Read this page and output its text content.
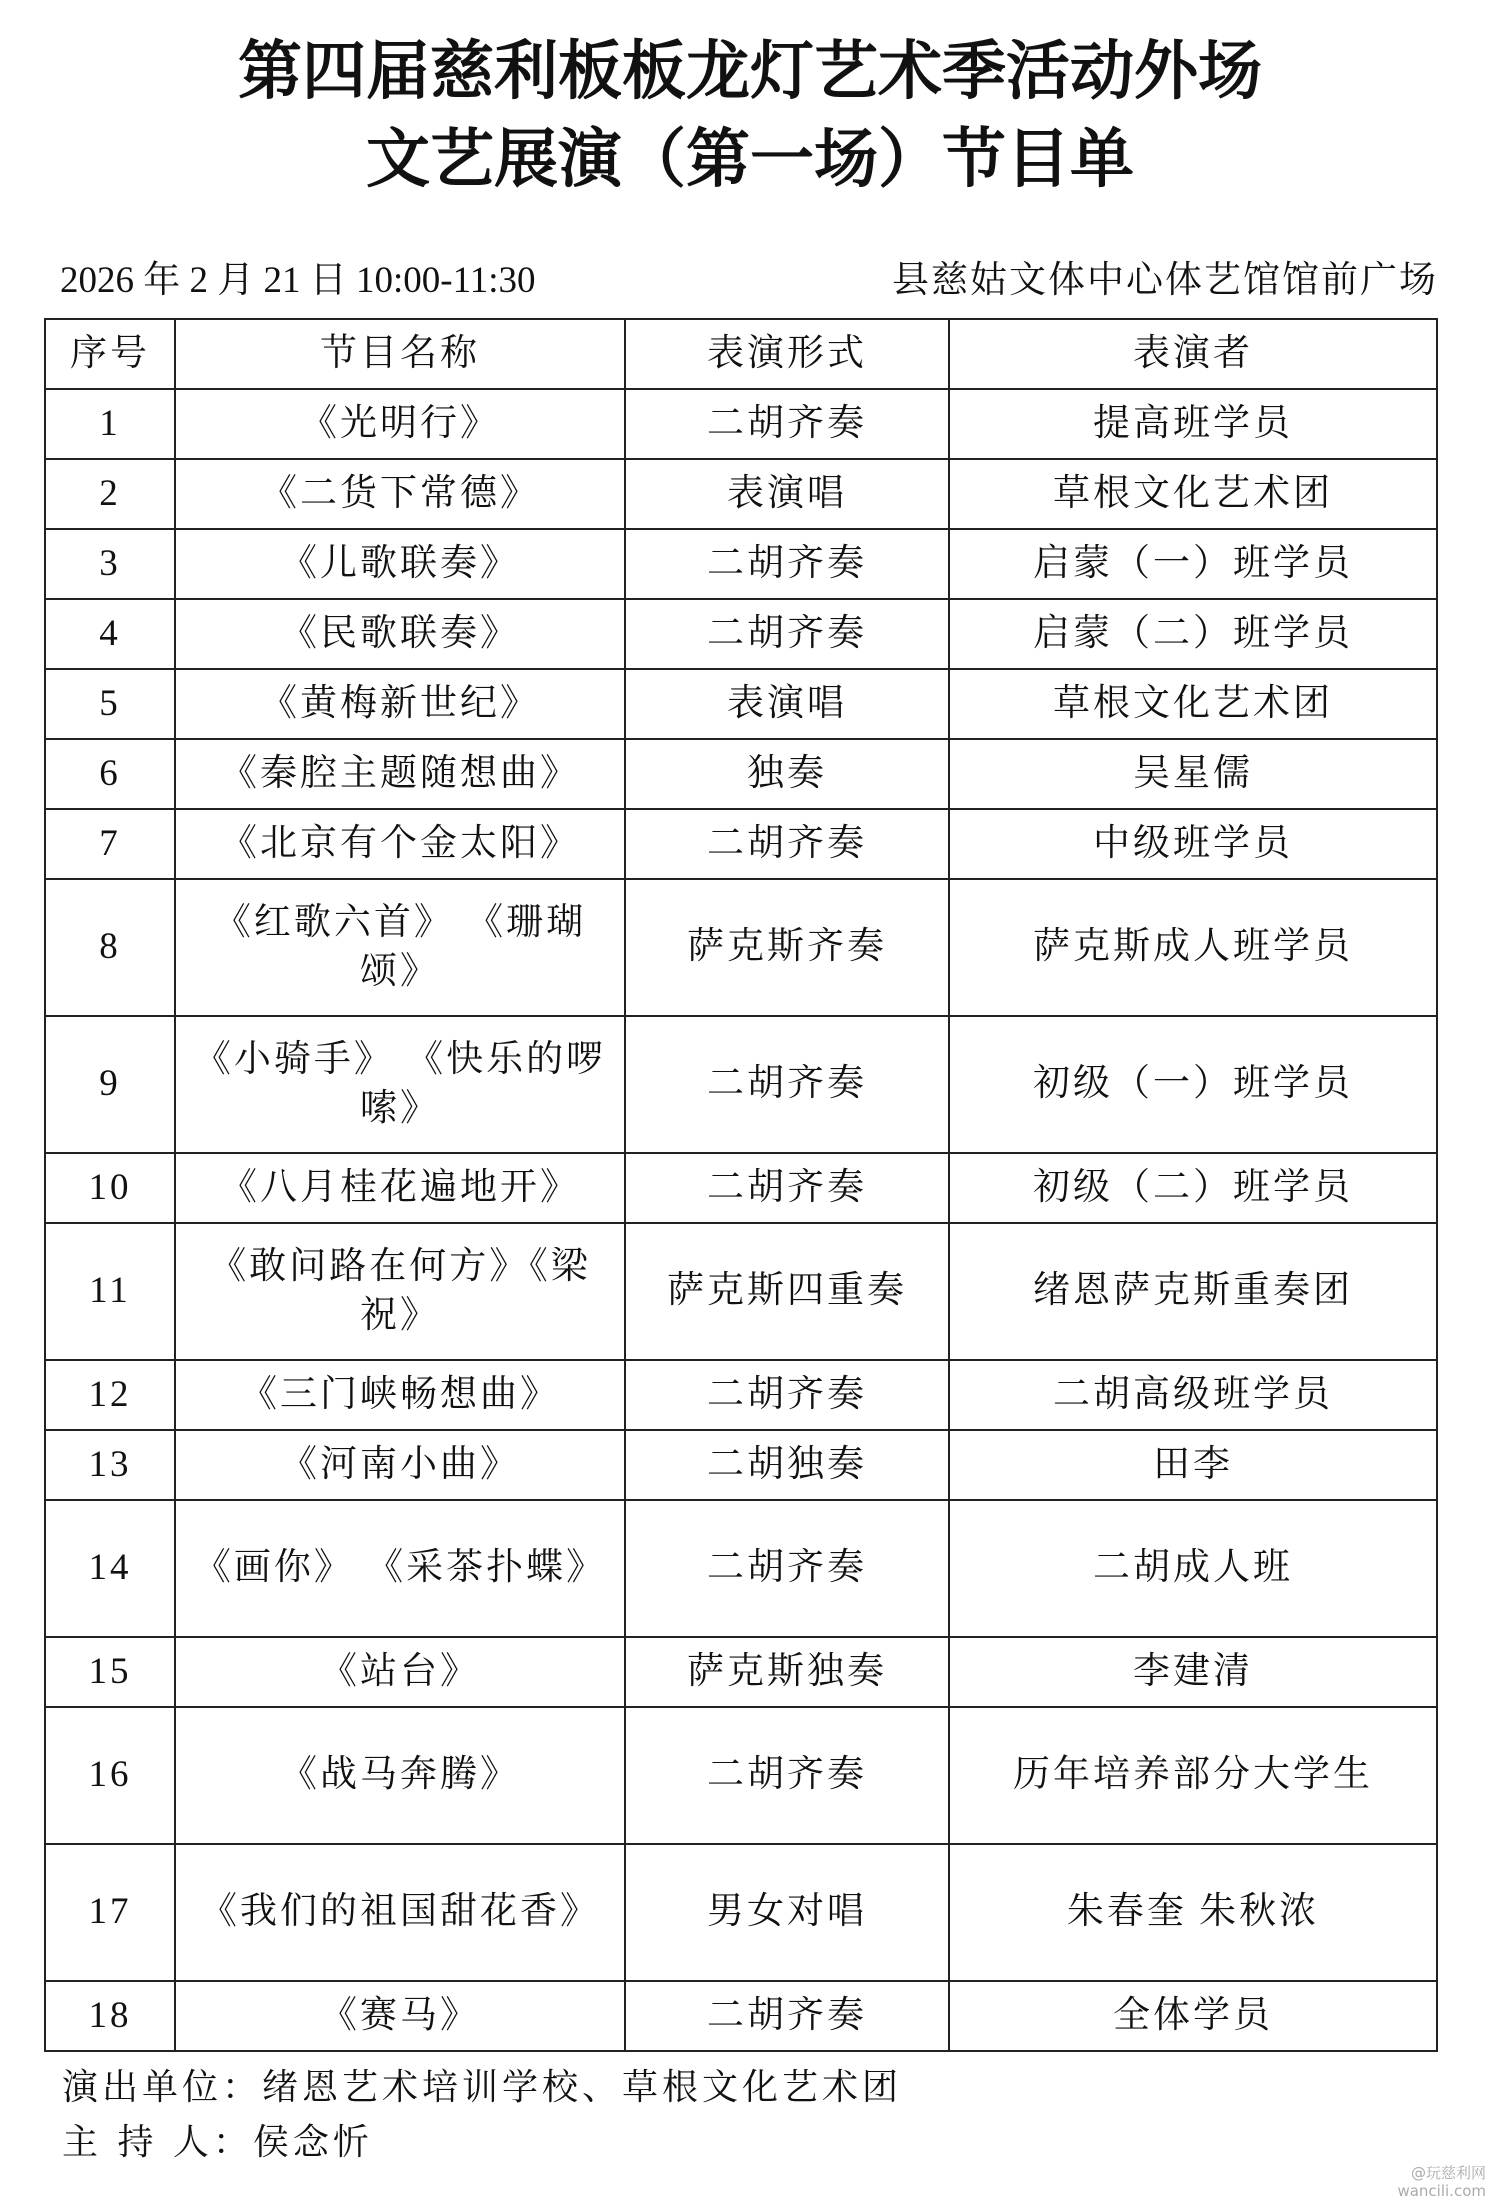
第四届慈利板板龙灯艺术季活动外场
文艺展演（第一场）节目单
2026 年 2 月 21 日 10:00-11:30	县慈姑文体中心体艺馆馆前广场
序号	节目名称	表演形式	表演者
1	《光明行》	二胡齐奏	提高班学员
2	《二货下常德》	表演唱	草根文化艺术团
3	《儿歌联奏》	二胡齐奏	启蒙（一）班学员
4	《民歌联奏》	二胡齐奏	启蒙（二）班学员
5	《黄梅新世纪》	表演唱	草根文化艺术团
6	《秦腔主题随想曲》	独奏	吴星儒
7	《北京有个金太阳》	二胡齐奏	中级班学员
8	《红歌六首》 《珊瑚颂》	萨克斯齐奏	萨克斯成人班学员
9	《小骑手》 《快乐的啰嗦》	二胡齐奏	初级（一）班学员
10	《八月桂花遍地开》	二胡齐奏	初级（二）班学员
11	《敢问路在何方》《梁祝》	萨克斯四重奏	绪恩萨克斯重奏团
12	《三门峡畅想曲》	二胡齐奏	二胡高级班学员
13	《河南小曲》	二胡独奏	田李
14	《画你》 《采茶扑蝶》	二胡齐奏	二胡成人班
15	《站台》	萨克斯独奏	李建清
16	《战马奔腾》	二胡齐奏	历年培养部分大学生
17	《我们的祖国甜花香》	男女对唱	朱春奎 朱秋浓
18	《赛马》	二胡齐奏	全体学员
演出单位：绪恩艺术培训学校、草根文化艺术团
主 持 人：侯念忻
@玩慈利网
wancili.com
